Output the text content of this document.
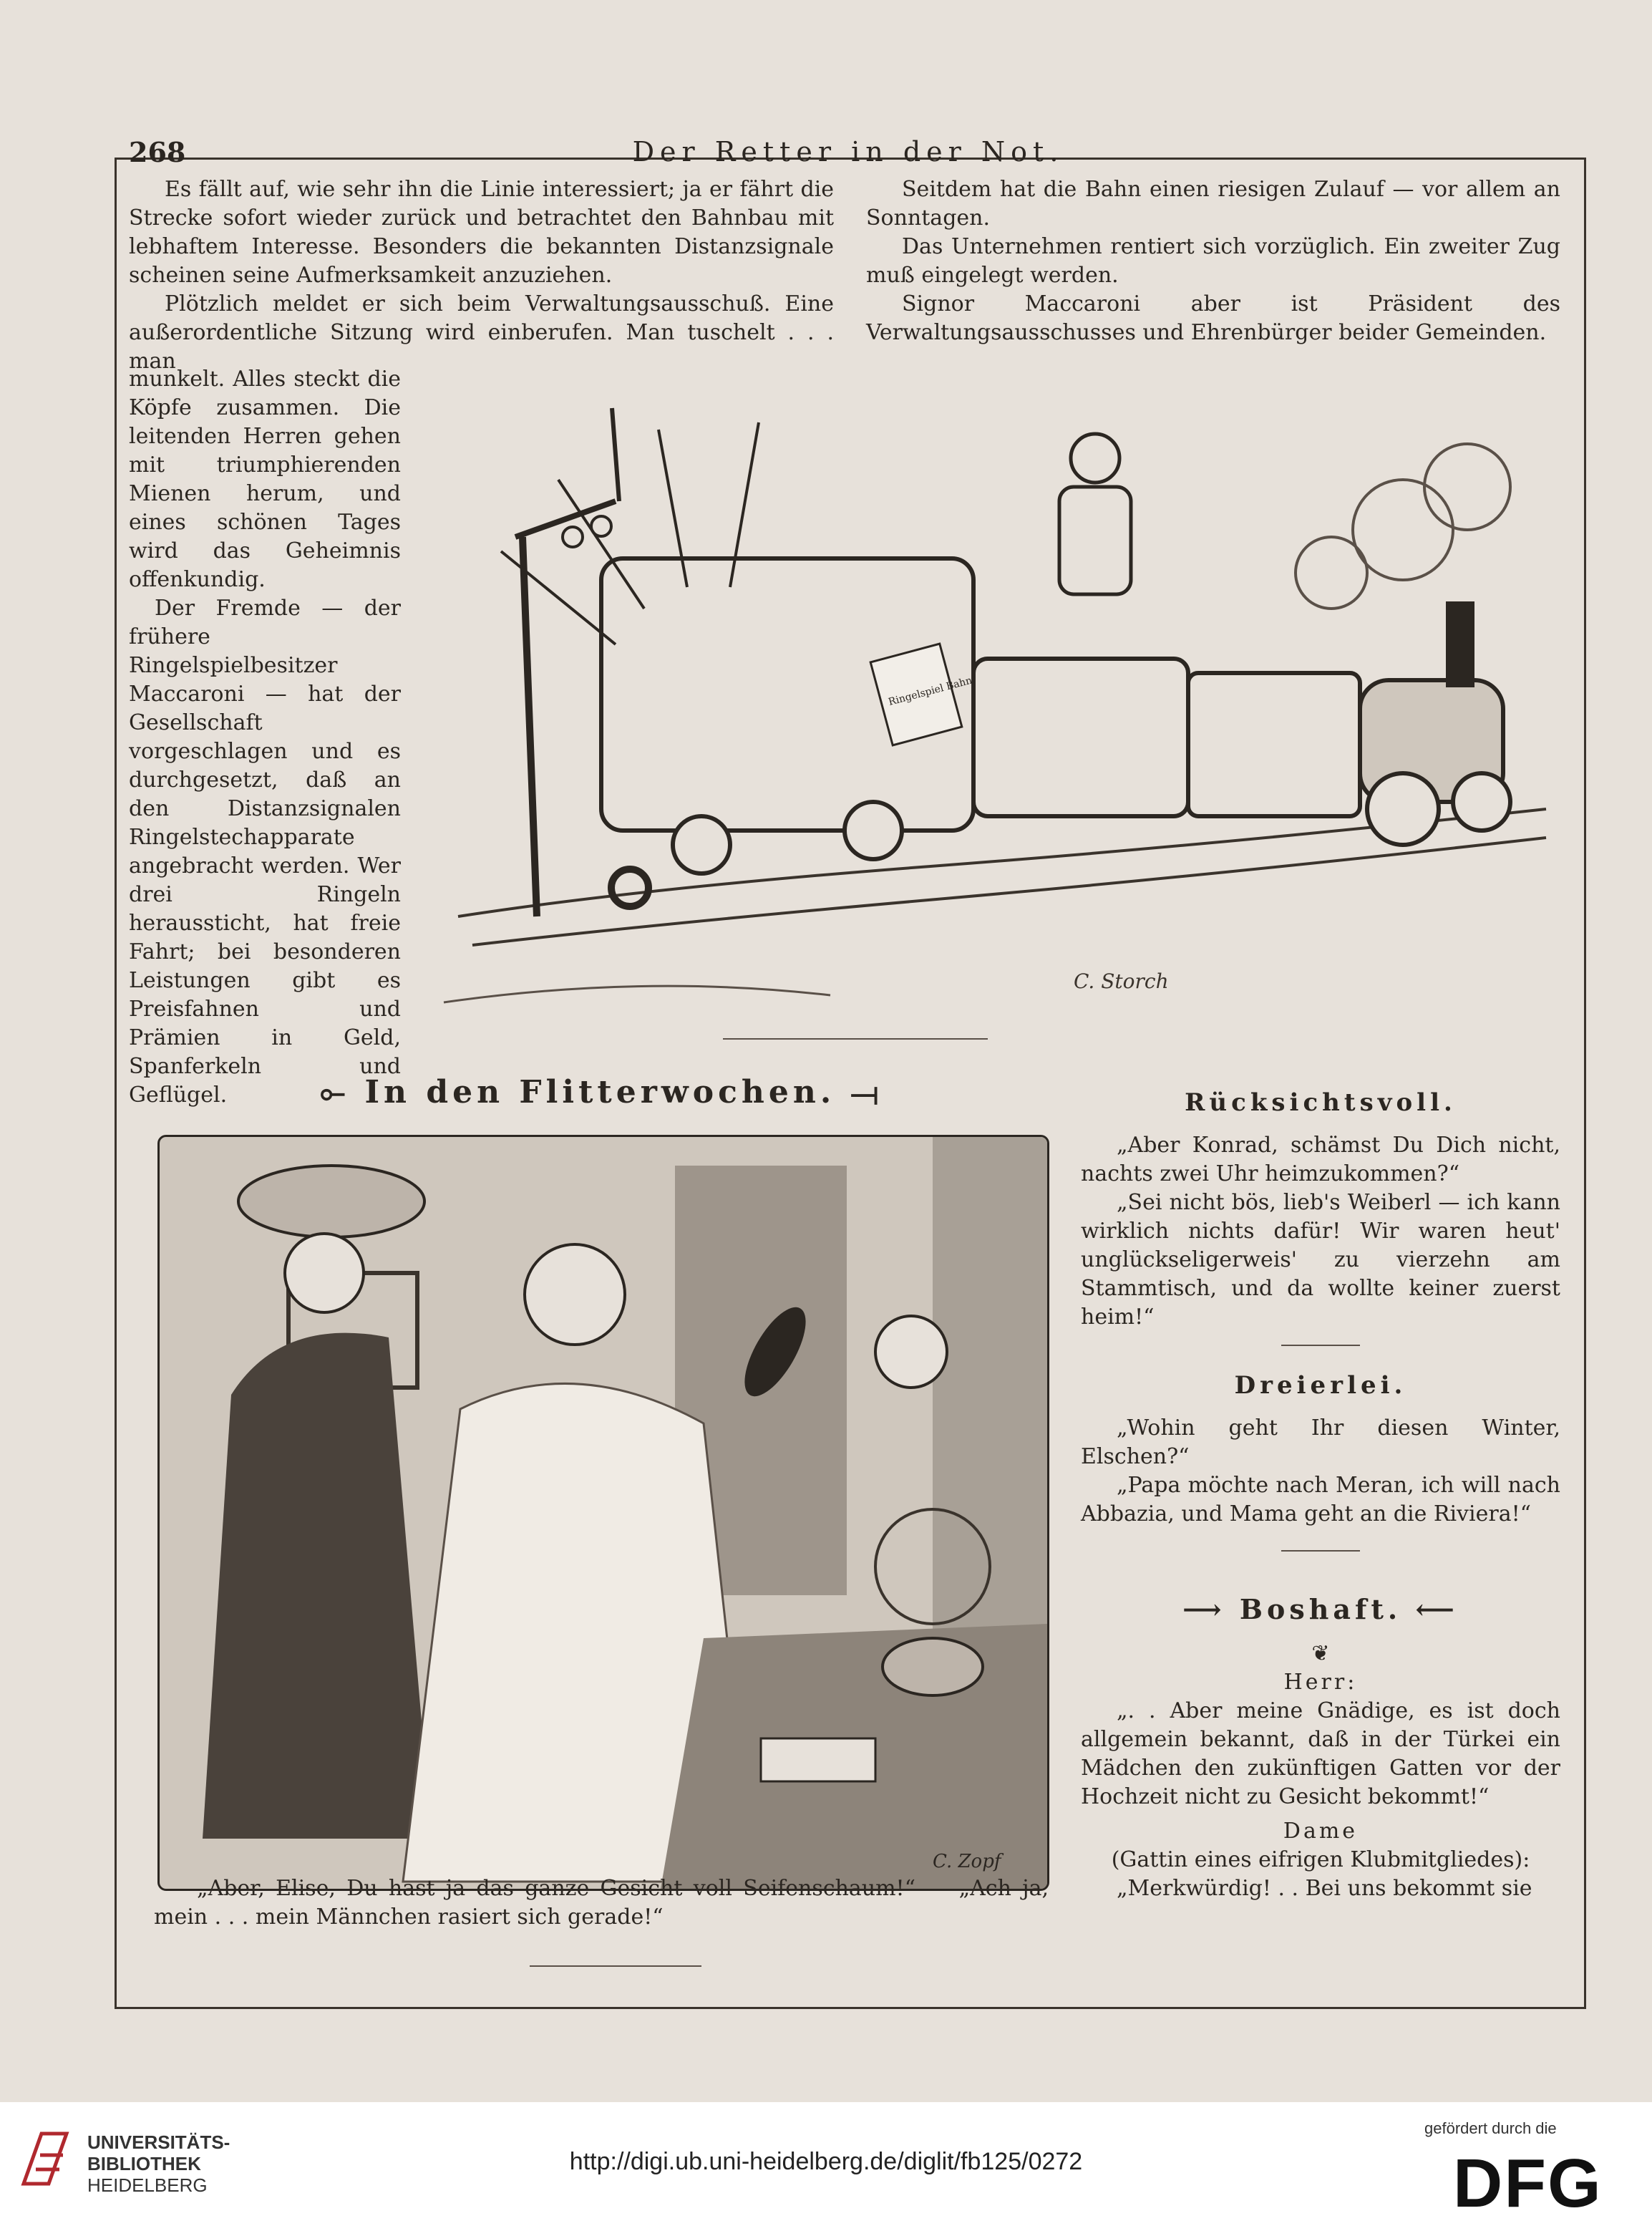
268	Der Retter in der Not.

Es fällt auf, wie sehr ihn die Linie interessiert; ja er fährt die Strecke sofort wieder zurück und betrachtet den Bahnbau mit lebhaftem Interesse. Besonders die bekannten Distanzsignale scheinen seine Aufmerksamkeit anzuziehen.

Plötzlich meldet er sich beim Verwaltungsausschuß. Eine außerordentliche Sitzung wird einberufen. Man tuschelt . . . man

munkelt. Alles steckt die Köpfe zusammen. Die leitenden Herren gehen mit triumphierenden Mienen herum, und eines schönen Tages wird das Geheimnis offenkundig.

Der Fremde — der frühere Ringelspielbesitzer Maccaroni — hat der Gesellschaft vorgeschlagen und es durchgesetzt, daß an den Distanzsignalen Ringelstechapparate angebracht werden. Wer drei Ringeln heraussticht, hat freie Fahrt; bei besonderen Leistungen gibt es Preisfahnen und Prämien in Geld, Spanferkeln und Geflügel.

Seitdem hat die Bahn einen riesigen Zulauf — vor allem an Sonntagen.

Das Unternehmen rentiert sich vorzüglich. Ein zweiter Zug muß eingelegt werden.

Signor Maccaroni aber ist Präsident des Verwaltungsausschusses und Ehrenbürger beider Gemeinden.

Ringelspiel Bahn
C. Storch
⟜ In den Flitterwochen. ⟞
C. Zopf

„Aber, Elise, Du hast ja das ganze Gesicht voll Seifenschaum!“ — „Ach ja, mein . . . mein Männchen rasiert sich gerade!“

Rücksichtsvoll.

„Aber Konrad, schämst Du Dich nicht, nachts zwei Uhr heimzukommen?“

„Sei nicht bös, lieb's Weiberl — ich kann wirklich nichts dafür! Wir waren heut' unglückseligerweis' zu vierzehn am Stammtisch, und da wollte keiner zuerst heim!“

Dreierlei.

„Wohin geht Ihr diesen Winter, Elschen?“

„Papa möchte nach Meran, ich will nach Abbazia, und Mama geht an die Riviera!“

⟶ Boshaft. ⟵

❦

Herr:

„. . Aber meine Gnädige, es ist doch allgemein bekannt, daß in der Türkei ein Mädchen den zukünftigen Gatten vor der Hochzeit nicht zu Gesicht bekommt!“

Dame

(Gattin eines eifrigen Klubmitgliedes):

„Merkwürdig! . . Bei uns bekommt sie

UNIVERSITÄTS-
BIBLIOTHEK
HEIDELBERG
http://digi.ub.uni-heidelberg.de/diglit/fb125/0272
gefördert durch die
DFG
